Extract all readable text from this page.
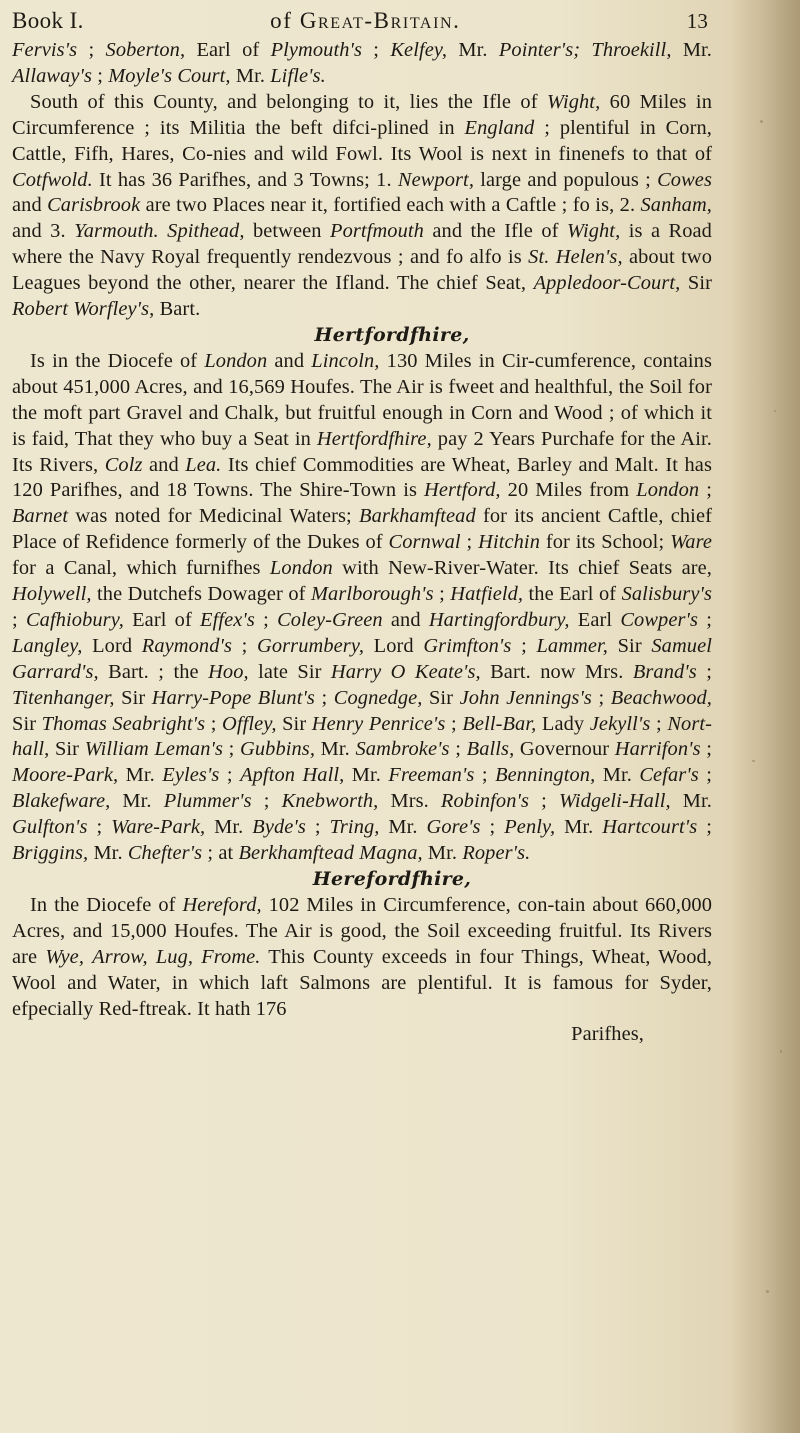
Book I.	of Great-Britain.	13

Fervis's ; Soberton, Earl of Plymouth's ; Kelfey, Mr. Pointer's; Throekill, Mr. Allaway's ; Moyle's Court, Mr. Lifle's.

South of this County, and belonging to it, lies the Ifle of Wight, 60 Miles in Circumference ; its Militia the beft difci-plined in England ; plentiful in Corn, Cattle, Fifh, Hares, Co-nies and wild Fowl. Its Wool is next in finenefs to that of Cotfwold. It has 36 Parifhes, and 3 Towns; 1. Newport, large and populous ; Cowes and Carisbrook are two Places near it, fortified each with a Caftle ; fo is, 2. Sanham, and 3. Yarmouth. Spithead, between Portfmouth and the Ifle of Wight, is a Road where the Navy Royal frequently rendezvous ; and fo alfo is St. Helen's, about two Leagues beyond the other, nearer the Ifland. The chief Seat, Appledoor-Court, Sir Robert Worfley's, Bart.

Hertfordfhire,

Is in the Diocefe of London and Lincoln, 130 Miles in Cir-cumference, contains about 451,000 Acres, and 16,569 Houfes. The Air is fweet and healthful, the Soil for the moft part Gravel and Chalk, but fruitful enough in Corn and Wood ; of which it is faid, That they who buy a Seat in Hertfordfhire, pay 2 Years Purchafe for the Air. Its Rivers, Colz and Lea. Its chief Commodities are Wheat, Barley and Malt. It has 120 Parifhes, and 18 Towns. The Shire-Town is Hertford, 20 Miles from London ; Barnet was noted for Medicinal Waters; Barkhamftead for its ancient Caftle, chief Place of Refidence formerly of the Dukes of Cornwal ; Hitchin for its School; Ware for a Canal, which furnifhes London with New-River-Water. Its chief Seats are, Holywell, the Dutchefs Dowager of Marlborough's ; Hatfield, the Earl of Salisbury's ; Cafhiobury, Earl of Effex's ; Coley-Green and Hartingfordbury, Earl Cowper's ; Langley, Lord Raymond's ; Gorrumbery, Lord Grimfton's ; Lammer, Sir Samuel Garrard's, Bart. ; the Hoo, late Sir Harry O Keate's, Bart. now Mrs. Brand's ; Titenhanger, Sir Harry-Pope Blunt's ; Cognedge, Sir John Jennings's ; Beachwood, Sir Thomas Seabright's ; Offley, Sir Henry Penrice's ; Bell-Bar, Lady Jekyll's ; Nort-hall, Sir William Leman's ; Gubbins, Mr. Sambroke's ; Balls, Governour Harrifon's ; Moore-Park, Mr. Eyles's ; Apfton Hall, Mr. Freeman's ; Bennington, Mr. Cefar's ; Blakefware, Mr. Plummer's ; Knebworth, Mrs. Robinfon's ; Widgeli-Hall, Mr. Gulfton's ; Ware-Park, Mr. Byde's ; Tring, Mr. Gore's ; Penly, Mr. Hartcourt's ; Briggins, Mr. Chefter's ; at Berkhamftead Magna, Mr. Roper's.

Herefordfhire,

In the Diocefe of Hereford, 102 Miles in Circumference, con-tain about 660,000 Acres, and 15,000 Houfes. The Air is good, the Soil exceeding fruitful. Its Rivers are Wye, Arrow, Lug, Frome. This County exceeds in four Things, Wheat, Wood, Wool and Water, in which laft Salmons are plentiful. It is famous for Syder, efpecially Red-ftreak. It hath 176

Parifhes,
